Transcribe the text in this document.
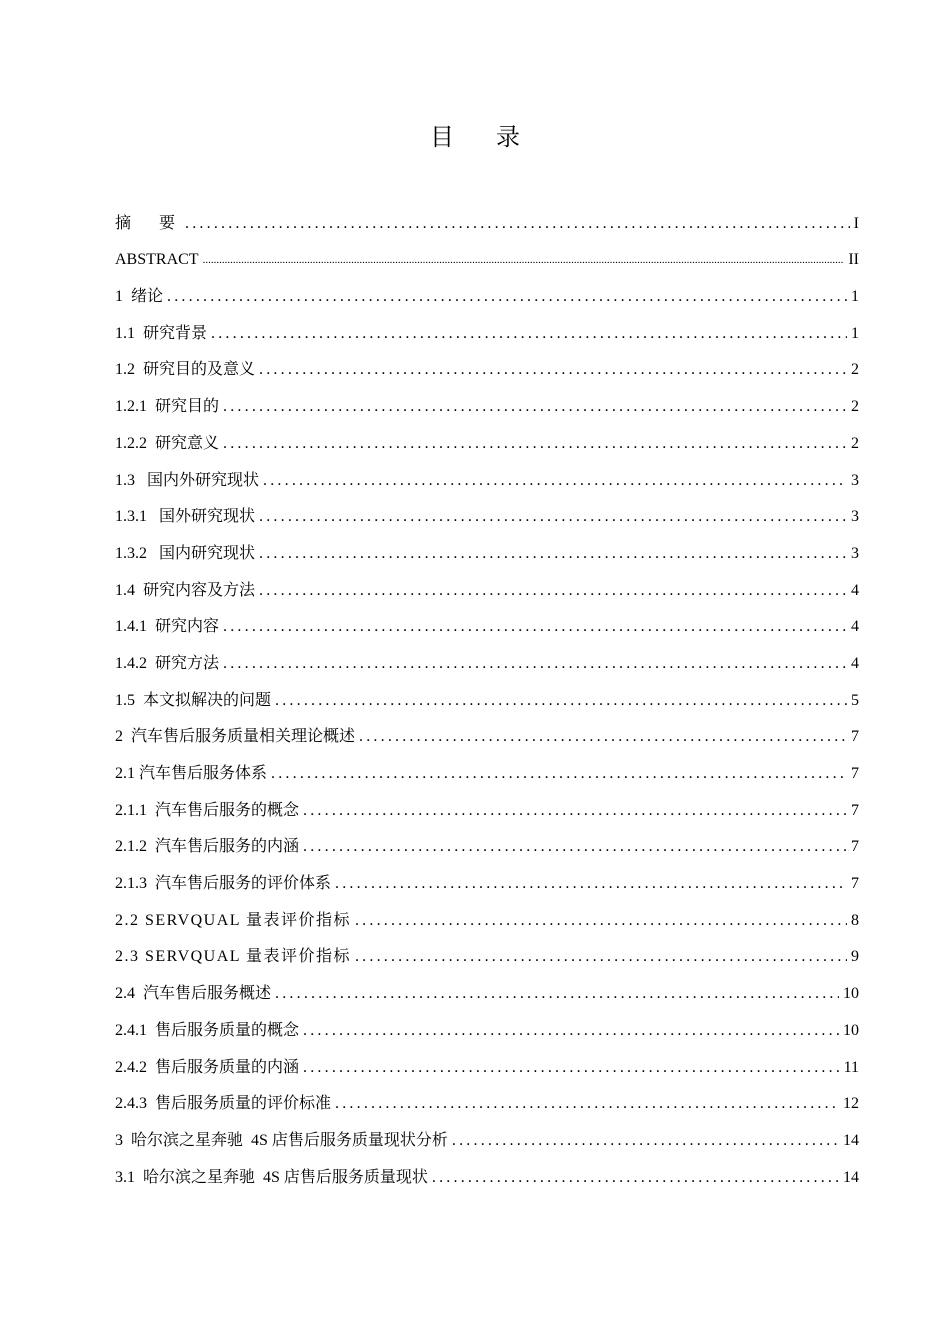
目 录
摘　要 .....	I
ABSTRACT .....	II
1  绪论 .....	1
1.1  研究背景 .....	1
1.2  研究目的及意义 .....	2
1.2.1  研究目的 .....	2
1.2.2  研究意义 .....	2
1.3   国内外研究现状 .....	3
1.3.1   国外研究现状 .....	3
1.3.2   国内研究现状 .....	3
1.4  研究内容及方法 .....	4
1.4.1  研究内容 .....	4
1.4.2  研究方法 .....	4
1.5  本文拟解决的问题 .....	5
2  汽车售后服务质量相关理论概述 .....	7
2.1 汽车售后服务体系 .....	7
2.1.1  汽车售后服务的概念 .....	7
2.1.2  汽车售后服务的内涵 .....	7
2.1.3  汽车售后服务的评价体系 .....	7
2.2 SERVQUAL 量表评价指标 .....	8
2.3 SERVQUAL 量表评价指标 .....	9
2.4  汽车售后服务概述 .....	10
2.4.1  售后服务质量的概念 .....	10
2.4.2  售后服务质量的内涵 .....	11
2.4.3  售后服务质量的评价标准 .....	12
3  哈尔滨之星奔驰  4S 店售后服务质量现状分析 .....	14
3.1  哈尔滨之星奔驰  4S 店售后服务质量现状 .....	14
